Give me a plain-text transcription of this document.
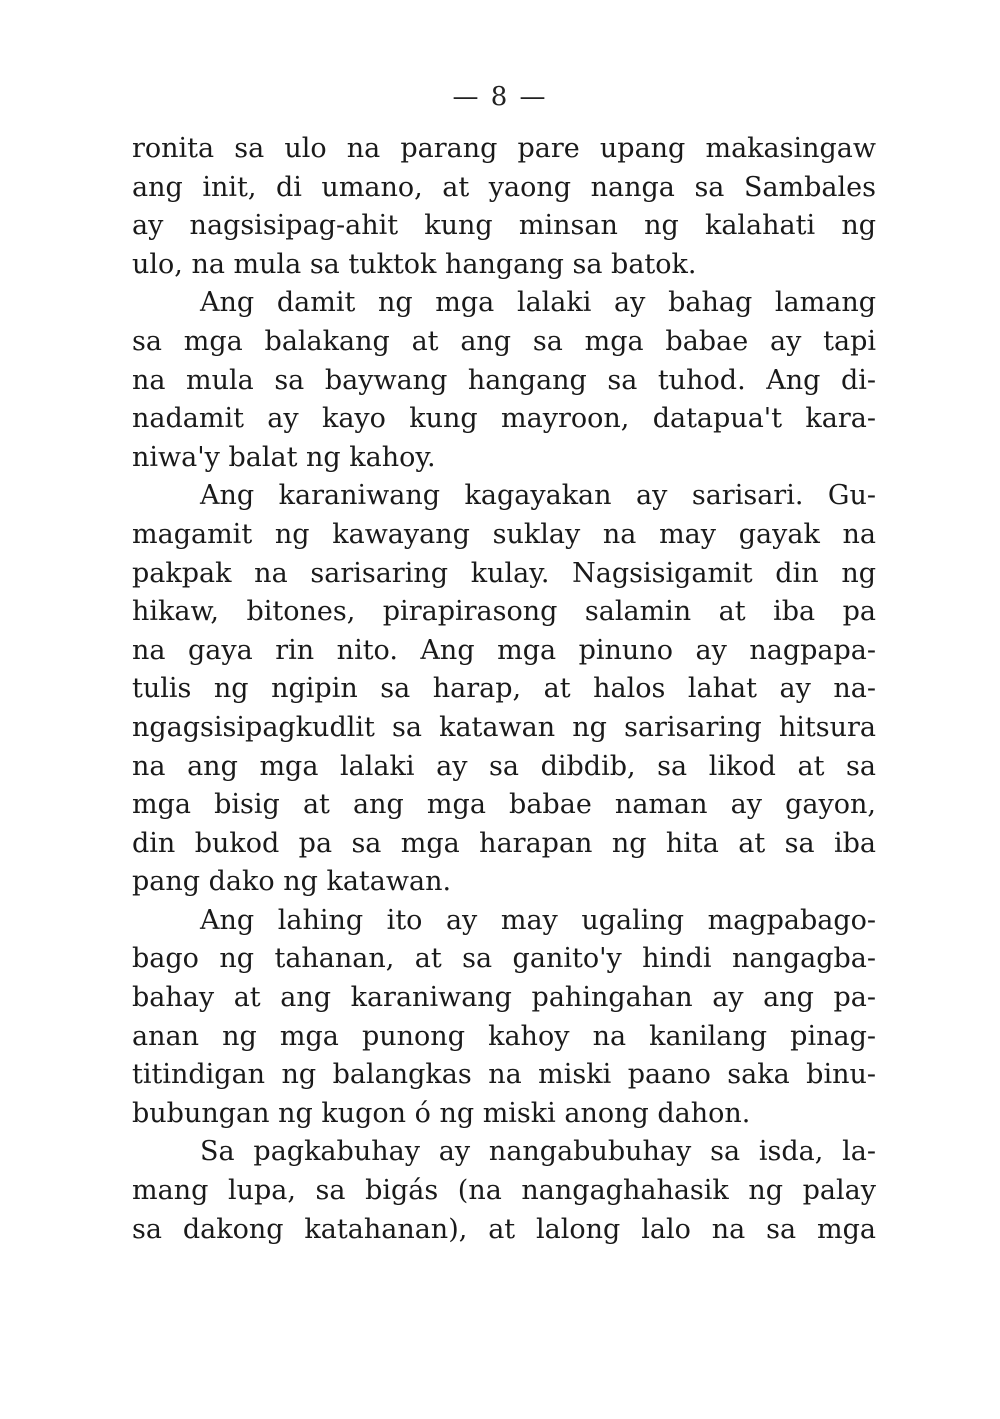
— 8 —
ronita sa ulo na parang pare upang makasingaw
ang init, di umano, at yaong nanga sa Sambales
ay nagsisipag-ahit kung minsan ng kalahati ng
ulo, na mula sa tuktok hangang sa batok.
Ang damit ng mga lalaki ay bahag lamang
sa mga balakang at ang sa mga babae ay tapi
na mula sa baywang hangang sa tuhod. Ang di-
nadamit ay kayo kung mayroon, datapua't kara-
niwa'y balat ng kahoy.
Ang karaniwang kagayakan ay sarisari. Gu-
magamit ng kawayang suklay na may gayak na
pakpak na sarisaring kulay. Nagsisigamit din ng
hikaw, bitones, pirapirasong salamin at iba pa
na gaya rin nito. Ang mga pinuno ay nagpapa-
tulis ng ngipin sa harap, at halos lahat ay na-
ngagsisipagkudlit sa katawan ng sarisaring hitsura
na ang mga lalaki ay sa dibdib, sa likod at sa
mga bisig at ang mga babae naman ay gayon,
din bukod pa sa mga harapan ng hita at sa iba
pang dako ng katawan.
Ang lahing ito ay may ugaling magpabago-
bago ng tahanan, at sa ganito'y hindi nangagba-
bahay at ang karaniwang pahingahan ay ang pa-
anan ng mga punong kahoy na kanilang pinag-
titindigan ng balangkas na miski paano saka binu-
bubungan ng kugon ó ng miski anong dahon.
Sa pagkabuhay ay nangabubuhay sa isda, la-
mang lupa, sa bigás (na nangaghahasik ng palay
sa dakong katahanan), at lalong lalo na sa mga
